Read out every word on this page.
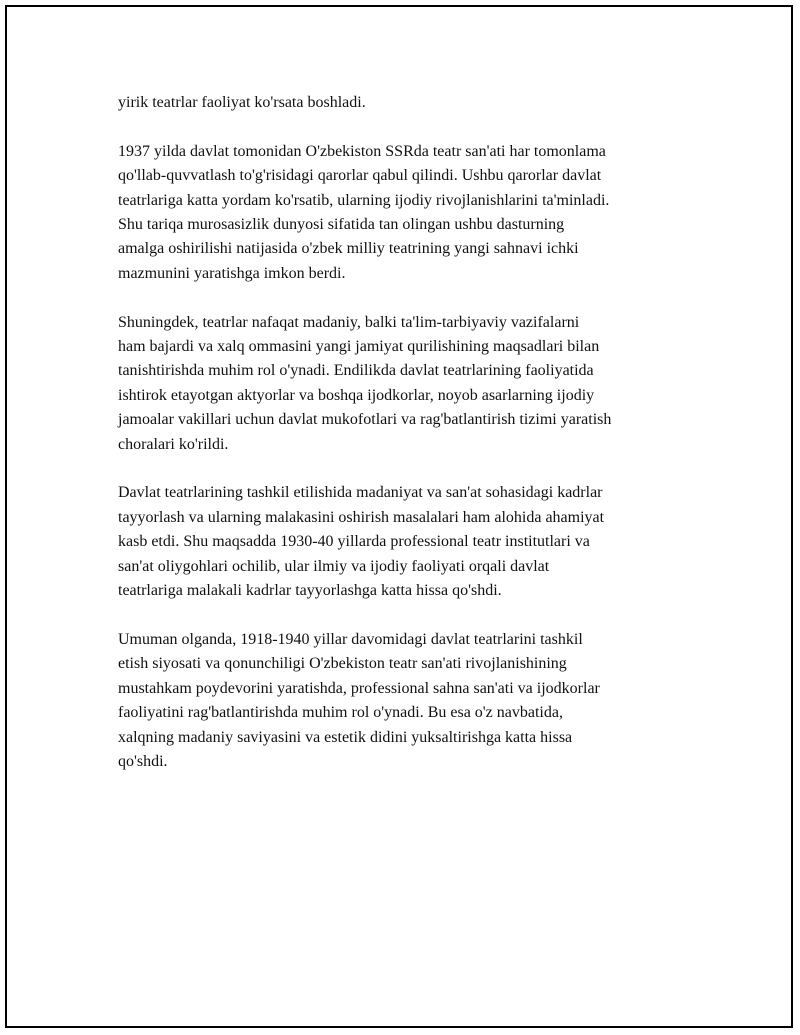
yirik teatrlar faoliyat ko'rsata boshladi.

1937 yilda davlat tomonidan O'zbekiston SSRda teatr san'ati har tomonlama
qo'llab-quvvatlash to'g'risidagi qarorlar qabul qilindi. Ushbu qarorlar davlat
teatrlariga katta yordam ko'rsatib, ularning ijodiy rivojlanishlarini ta'minladi.
Shu tariqa murosasizlik dunyosi sifatida tan olingan ushbu dasturning
amalga oshirilishi natijasida o'zbek milliy teatrining yangi sahnavi ichki
mazmunini yaratishga imkon berdi.

Shuningdek, teatrlar nafaqat madaniy, balki ta'lim-tarbiyaviy vazifalarni
ham bajardi va xalq ommasini yangi jamiyat qurilishining maqsadlari bilan
tanishtirishda muhim rol o'ynadi. Endilikda davlat teatrlarining faoliyatida
ishtirok etayotgan aktyorlar va boshqa ijodkorlar, noyob asarlarning ijodiy
jamoalar vakillari uchun davlat mukofotlari va rag'batlantirish tizimi yaratish
choralari ko'rildi.

Davlat teatrlarining tashkil etilishida madaniyat va san'at sohasidagi kadrlar
tayyorlash va ularning malakasini oshirish masalalari ham alohida ahamiyat
kasb etdi. Shu maqsadda 1930-40 yillarda professional teatr institutlari va
san'at oliygohlari ochilib, ular ilmiy va ijodiy faoliyati orqali davlat
teatrlariga malakali kadrlar tayyorlashga katta hissa qo'shdi.

Umuman olganda, 1918-1940 yillar davomidagi davlat teatrlarini tashkil
etish siyosati va qonunchiligi O'zbekiston teatr san'ati rivojlanishining
mustahkam poydevorini yaratishda, professional sahna san'ati va ijodkorlar
faoliyatini rag'batlantirishda muhim rol o'ynadi. Bu esa o'z navbatida,
xalqning madaniy saviyasini va estetik didini yuksaltirishga katta hissa
qo'shdi.
